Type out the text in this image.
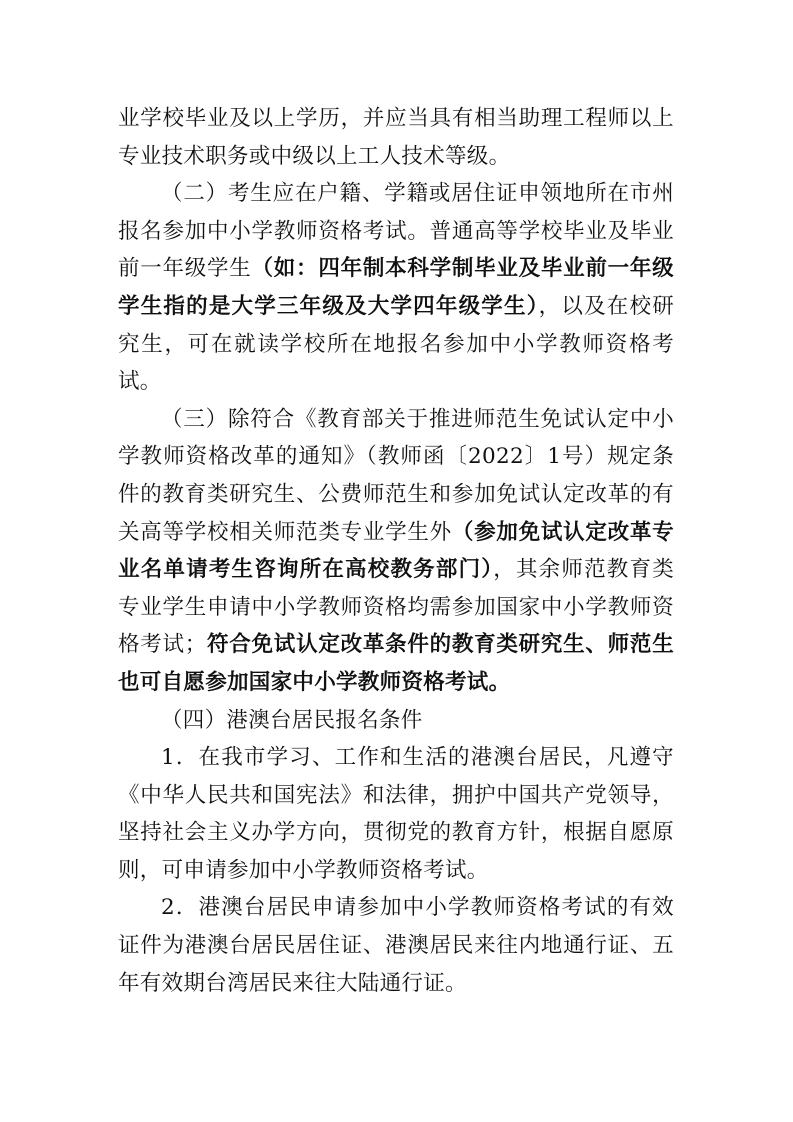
业学校毕业及以上学历，并应当具有相当助理工程师以上专业技术职务或中级以上工人技术等级。

（二）考生应在户籍、学籍或居住证申领地所在市州报名参加中小学教师资格考试。普通高等学校毕业及毕业前一年级学生（如：四年制本科学制毕业及毕业前一年级学生指的是大学三年级及大学四年级学生），以及在校研究生，可在就读学校所在地报名参加中小学教师资格考试。

（三）除符合《教育部关于推进师范生免试认定中小学教师资格改革的通知》（教师函〔2022〕1号）规定条件的教育类研究生、公费师范生和参加免试认定改革的有关高等学校相关师范类专业学生外（参加免试认定改革专业名单请考生咨询所在高校教务部门），其余师范教育类专业学生申请中小学教师资格均需参加国家中小学教师资格考试；符合免试认定改革条件的教育类研究生、师范生也可自愿参加国家中小学教师资格考试。

（四）港澳台居民报名条件

1．在我市学习、工作和生活的港澳台居民，凡遵守《中华人民共和国宪法》和法律，拥护中国共产党领导，坚持社会主义办学方向，贯彻党的教育方针，根据自愿原则，可申请参加中小学教师资格考试。

2．港澳台居民申请参加中小学教师资格考试的有效证件为港澳台居民居住证、港澳居民来往内地通行证、五年有效期台湾居民来往大陆通行证。
